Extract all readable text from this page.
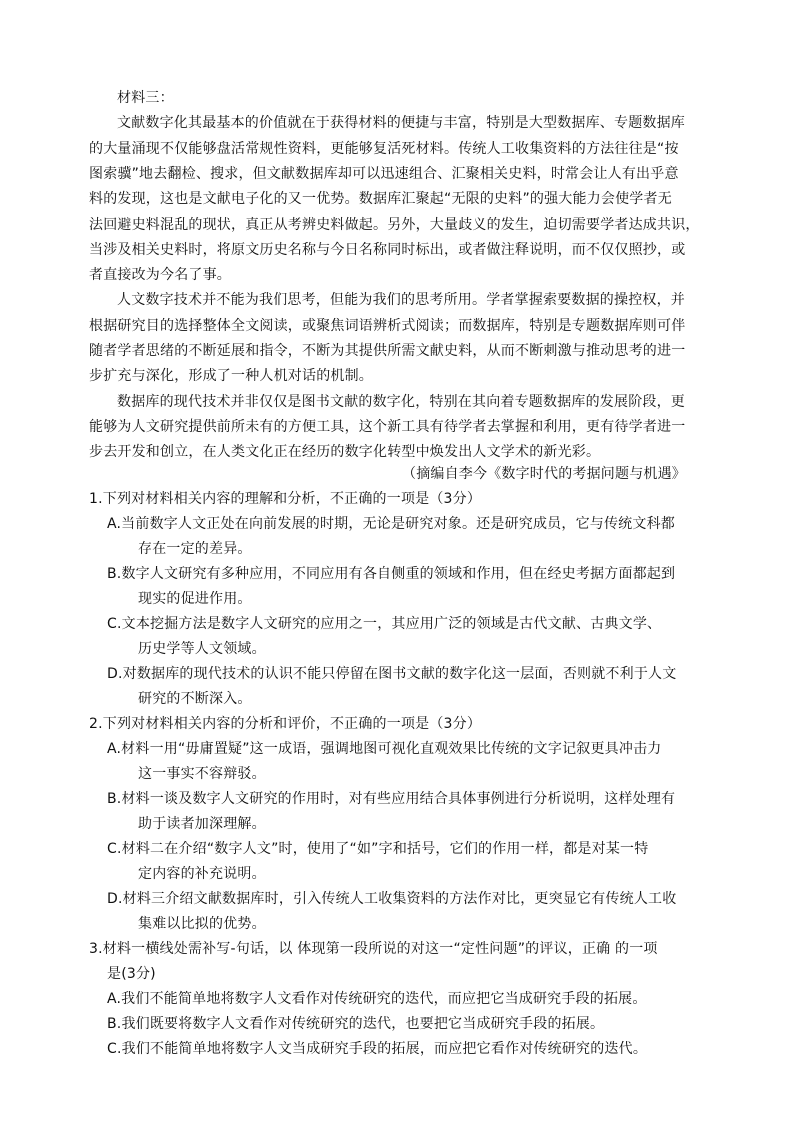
材料三：
文献数字化其最基本的价值就在于获得材料的便捷与丰富，特别是大型数据库、专题数据库
的大量涌现不仅能够盘活常规性资料，更能够复活死材料。传统人工收集资料的方法往往是“按
图索骥”地去翻检、搜求，但文献数据库却可以迅速组合、汇聚相关史料，时常会让人有出乎意
料的发现，这也是文献电子化的又一优势。数据库汇聚起“无限的史料”的强大能力会使学者无
法回避史料混乱的现状，真正从考辨史料做起。另外，大量歧义的发生，迫切需要学者达成共识，
当涉及相关史料时，将原文历史名称与今日名称同时标出，或者做注释说明，而不仅仅照抄，或
者直接改为今名了事。
人文数字技术并不能为我们思考，但能为我们的思考所用。学者掌握索要数据的操控权，并
根据研究目的选择整体全文阅读，或聚焦词语辨析式阅读；而数据库，特别是专题数据库则可伴
随者学者思绪的不断延展和指令，不断为其提供所需文献史料，从而不断刺激与推动思考的进一
步扩充与深化，形成了一种人机对话的机制。
数据库的现代技术并非仅仅是图书文献的数字化，特别在其向着专题数据库的发展阶段，更
能够为人文研究提供前所未有的方便工具，这个新工具有待学者去掌握和利用，更有待学者进一
步去开发和创立，在人类文化正在经历的数字化转型中焕发出人文学术的新光彩。
（摘编自李今《数字时代的考据问题与机遇》
1.下列对材料相关内容的理解和分析，不正确的一项是（3分）
A.当前数字人文正处在向前发展的时期，无论是研究对象。还是研究成员，它与传统文科都
存在一定的差异。
B.数字人文研究有多种应用，不同应用有各自侧重的领域和作用，但在经史考据方面都起到
现实的促进作用。
C.文本挖掘方法是数字人文研究的应用之一，其应用广泛的领域是古代文献、古典文学、
历史学等人文领域。
D.对数据库的现代技术的认识不能只停留在图书文献的数字化这一层面，否则就不利于人文
研究的不断深入。
2.下列对材料相关内容的分析和评价，不正确的一项是（3分）
A.材料一用“毋庸置疑”这一成语，强调地图可视化直观效果比传统的文字记叙更具冲击力
这一事实不容辩驳。
B.材料一谈及数字人文研究的作用时，对有些应用结合具体事例进行分析说明，这样处理有
助于读者加深理解。
C.材料二在介绍“数字人文”时，使用了“如”字和括号，它们的作用一样，都是对某一特
定内容的补充说明。
D.材料三介绍文献数据库时，引入传统人工收集资料的方法作对比，更突显它有传统人工收
集难以比拟的优势。
3.材料一横线处需补写-句话，以 体现第一段所说的对这一“定性问题”的评议，正确 的一项
是(3分)
A.我们不能简单地将数字人文看作对传统研究的迭代，而应把它当成研究手段的拓展。
B.我们既要将数字人文看作对传统研究的迭代，也要把它当成研究手段的拓展。
C.我们不能简单地将数字人文当成研究手段的拓展，而应把它看作对传统研究的迭代。
